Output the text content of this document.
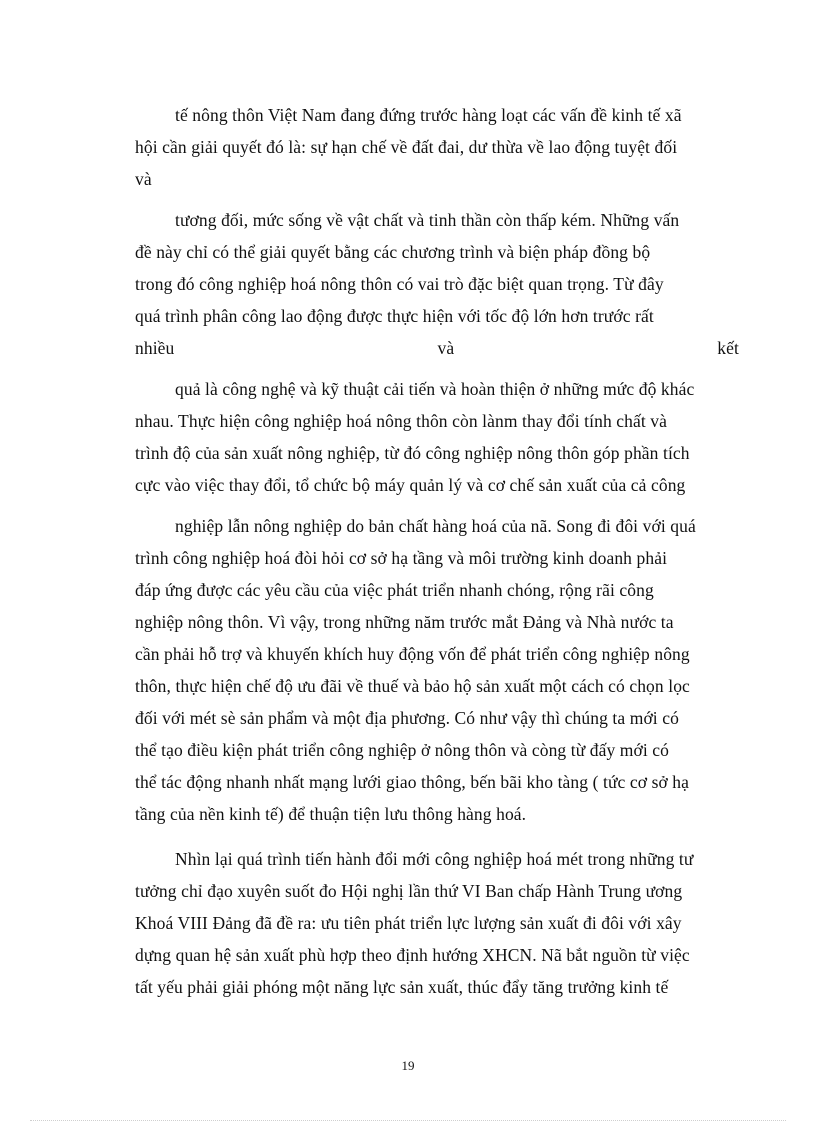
tế nông thôn Việt Nam đang đứng trước hàng loạt các vấn đề kinh tế xã
hội cần giải quyết đó là: sự hạn chế về đất đai, dư thừa về lao động tuyệt đối
và
tương đối, mức sống về vật chất và tinh thần còn thấp kém. Những vấn
đề này chỉ có thể giải quyết bằng các chương trình và biện pháp đồng bộ
trong đó công nghiệp hoá nông thôn có vai trò đặc biệt quan trọng. Từ đây
quá trình phân công lao động được thực hiện với tốc độ lớn hơn trước rất
nhiều	và	kết
quả là công nghệ và kỹ thuật cải tiến và hoàn thiện ở những mức độ khác
nhau. Thực hiện công nghiệp hoá nông thôn còn lànm thay đổi tính chất và
trình độ của sản xuất nông nghiệp, từ đó công nghiệp nông thôn góp phần tích
cực vào việc thay đổi, tổ chức bộ máy quản lý và cơ chế sản xuất của cả công
nghiệp lẫn nông nghiệp do bản chất hàng hoá của nã. Song đi đôi với quá
trình công nghiệp hoá đòi hỏi cơ sở hạ tầng và môi trường kinh doanh phải
đáp ứng được các yêu cầu của việc phát triển nhanh chóng, rộng rãi công
nghiệp nông thôn. Vì vậy, trong những năm trước mắt Đảng và Nhà nước ta
cần phải hỗ trợ và khuyến khích huy động vốn để phát triển công nghiệp nông
thôn, thực hiện chế độ ưu đãi về thuế và bảo hộ sản xuất một cách có chọn lọc
đối với mét sè sản phẩm và một địa phương. Có như vậy thì chúng ta mới có
thể tạo điều kiện phát triển công nghiệp ở nông thôn và còng từ đấy mới có
thể tác động nhanh nhất mạng lưới giao thông, bến bãi kho tàng ( tức cơ sở hạ
tầng của nền kinh tế) để thuận tiện lưu thông hàng hoá.
Nhìn lại quá trình tiến hành đổi mới công nghiệp hoá mét trong những tư
tưởng chỉ đạo xuyên suốt đo Hội nghị lần thứ VI Ban chấp Hành Trung ương
Khoá VIII Đảng đã đề ra: ưu tiên phát triển lực lượng sản xuất đi đôi với xây
dựng quan hệ sản xuất phù hợp theo định hướng XHCN. Nã bắt nguồn từ việc
tất yếu phải giải phóng một năng lực sản xuất, thúc đẩy tăng trưởng kinh tế
19
